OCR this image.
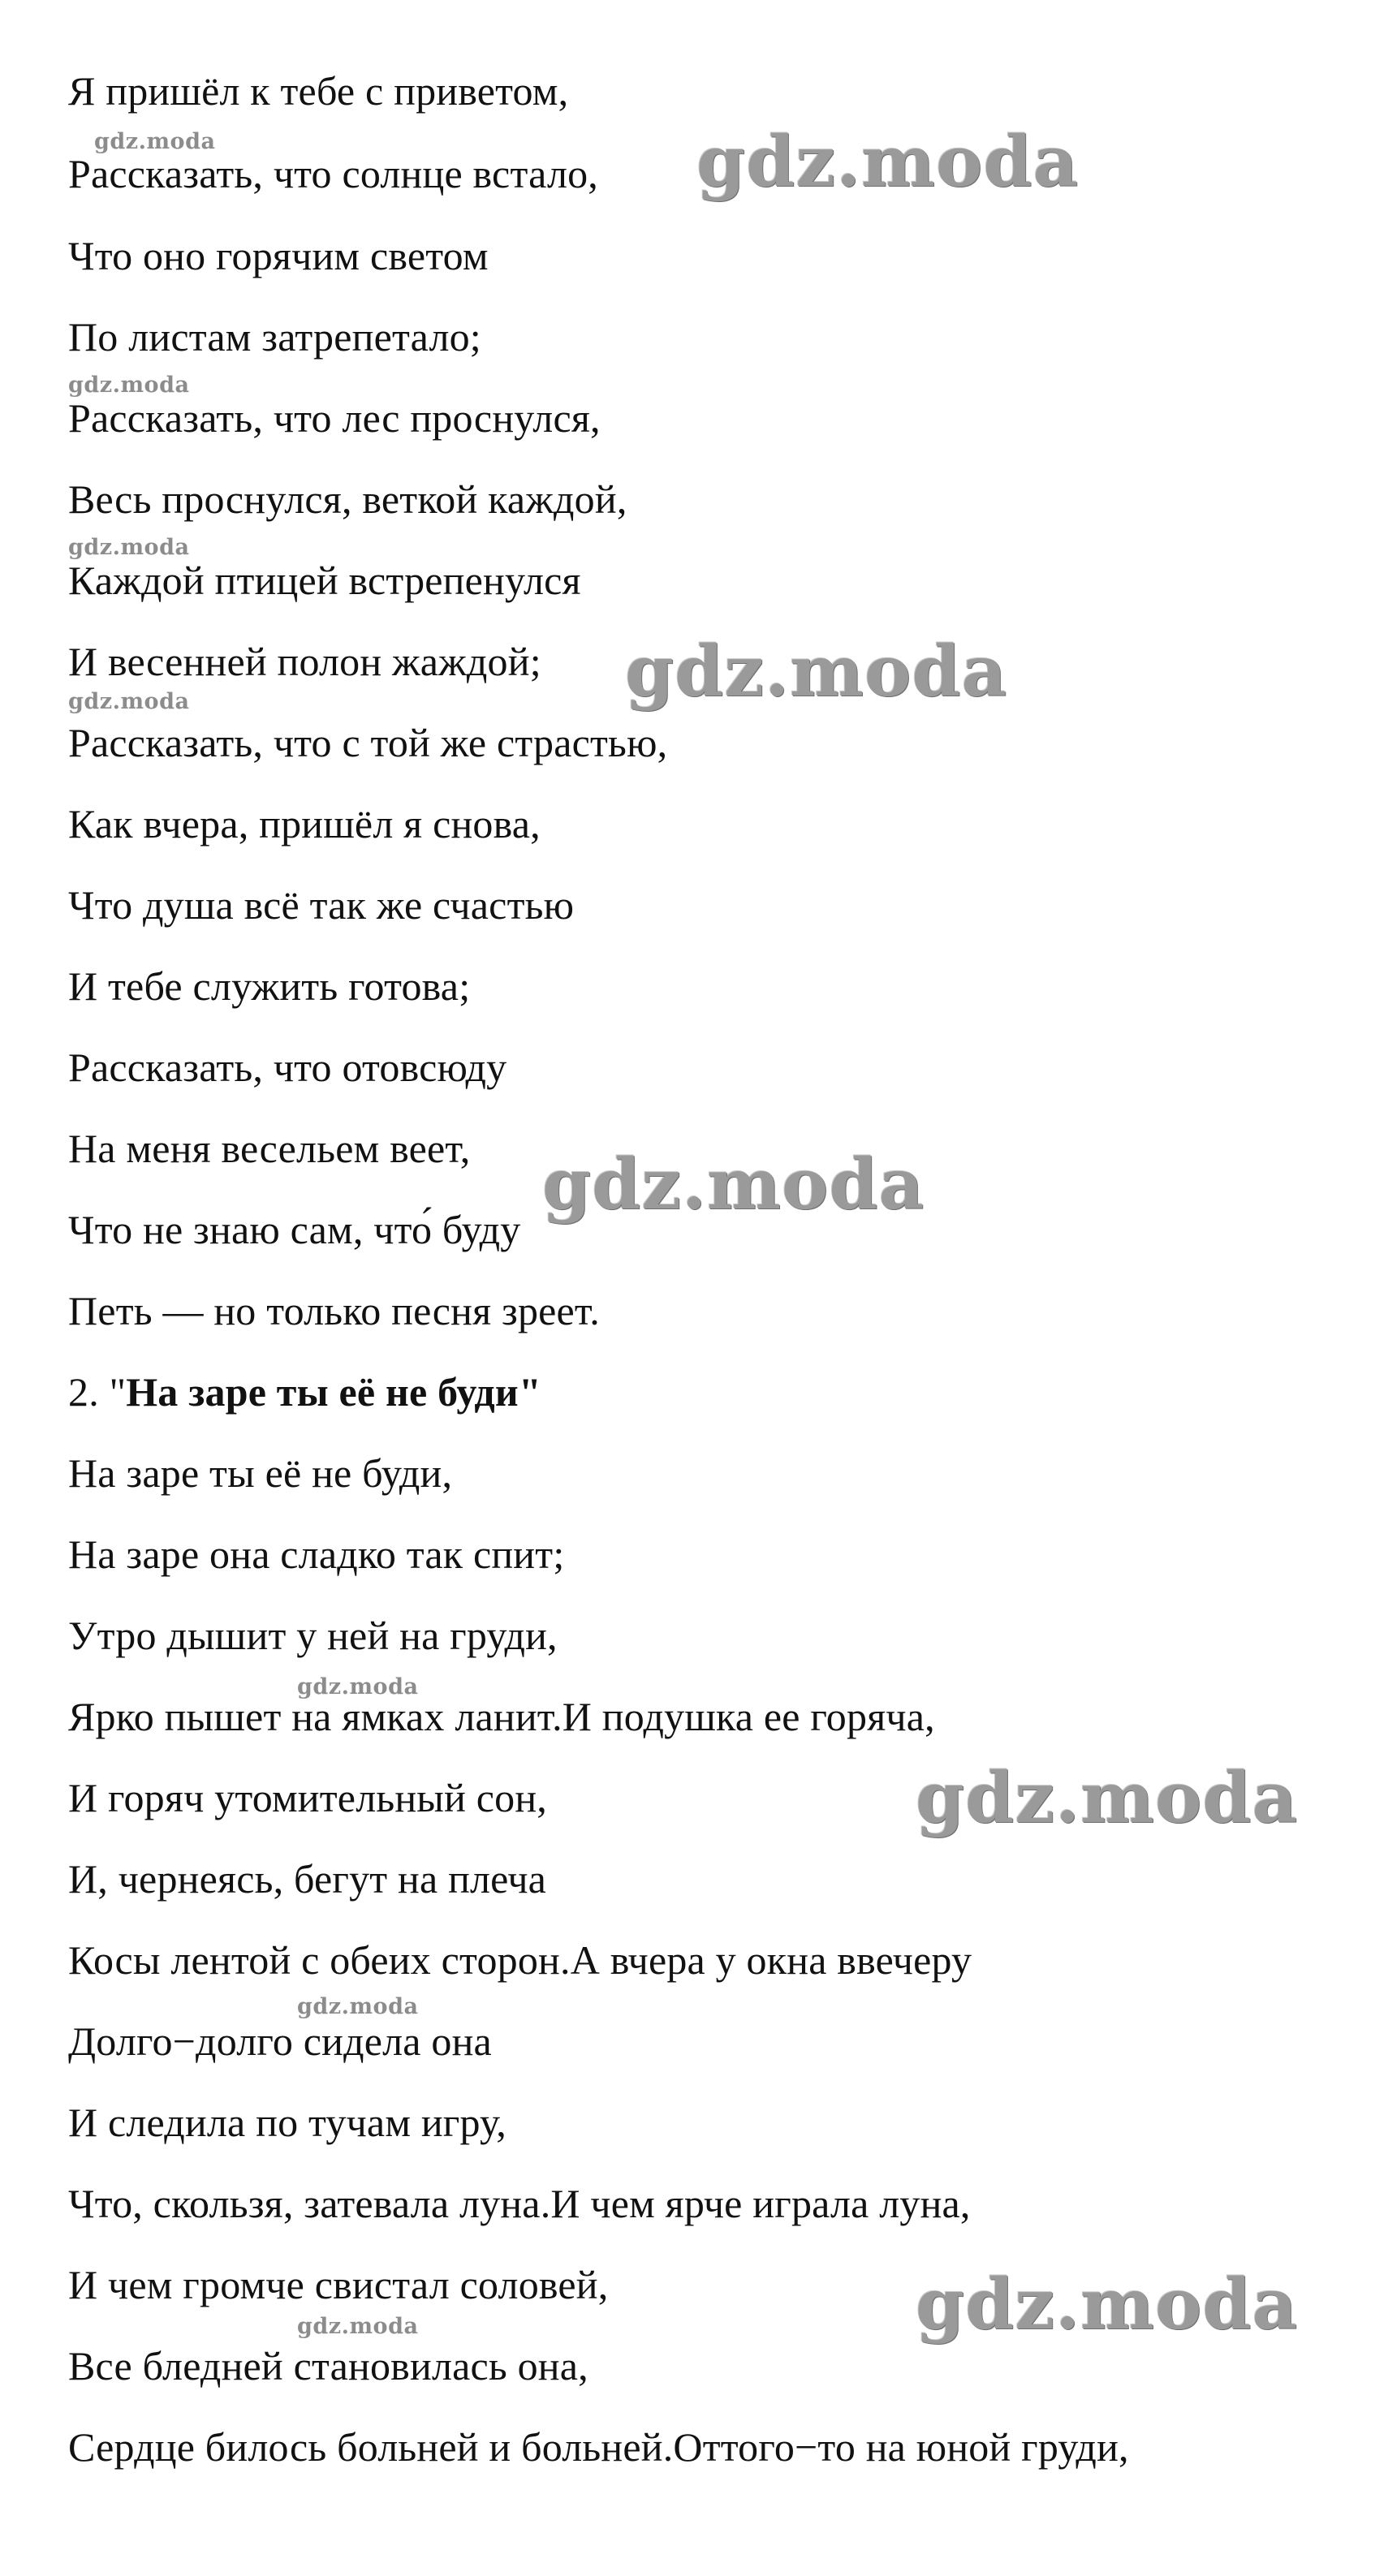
Я пришёл к тебе с приветом,
Рассказать, что солнце встало,
Что оно горячим светом
По листам затрепетало;
Рассказать, что лес проснулся,
Весь проснулся, веткой каждой,
Каждой птицей встрепенулся
И весенней полон жаждой;
Рассказать, что с той же страстью,
Как вчера, пришёл я снова,
Что душа всё так же счастью
И тебе служить готова;
Рассказать, что отовсюду
На меня весельем веет,
Что не знаю сам, что́ буду
Петь — но только песня зреет.
2. "На заре ты её не буди"
На заре ты её не буди,
На заре она сладко так спит;
Утро дышит у ней на груди,
Ярко пышет на ямках ланит.И подушка ее горяча,
И горяч утомительный сон,
И, чернеясь, бегут на плеча
Косы лентой с обеих сторон.А вчера у окна ввечеру
Долго−долго сидела она
И следила по тучам игру,
Что, скользя, затевала луна.И чем ярче играла луна,
И чем громче свистал соловей,
Все бледней становилась она,
Сердце билось больней и больней.Оттого−то на юной груди,
gdz.moda
gdz.moda
gdz.moda
gdz.moda
gdz.moda
gdz.moda
gdz.moda
gdz.moda
gdz.moda
gdz.moda
gdz.moda
gdz.moda
